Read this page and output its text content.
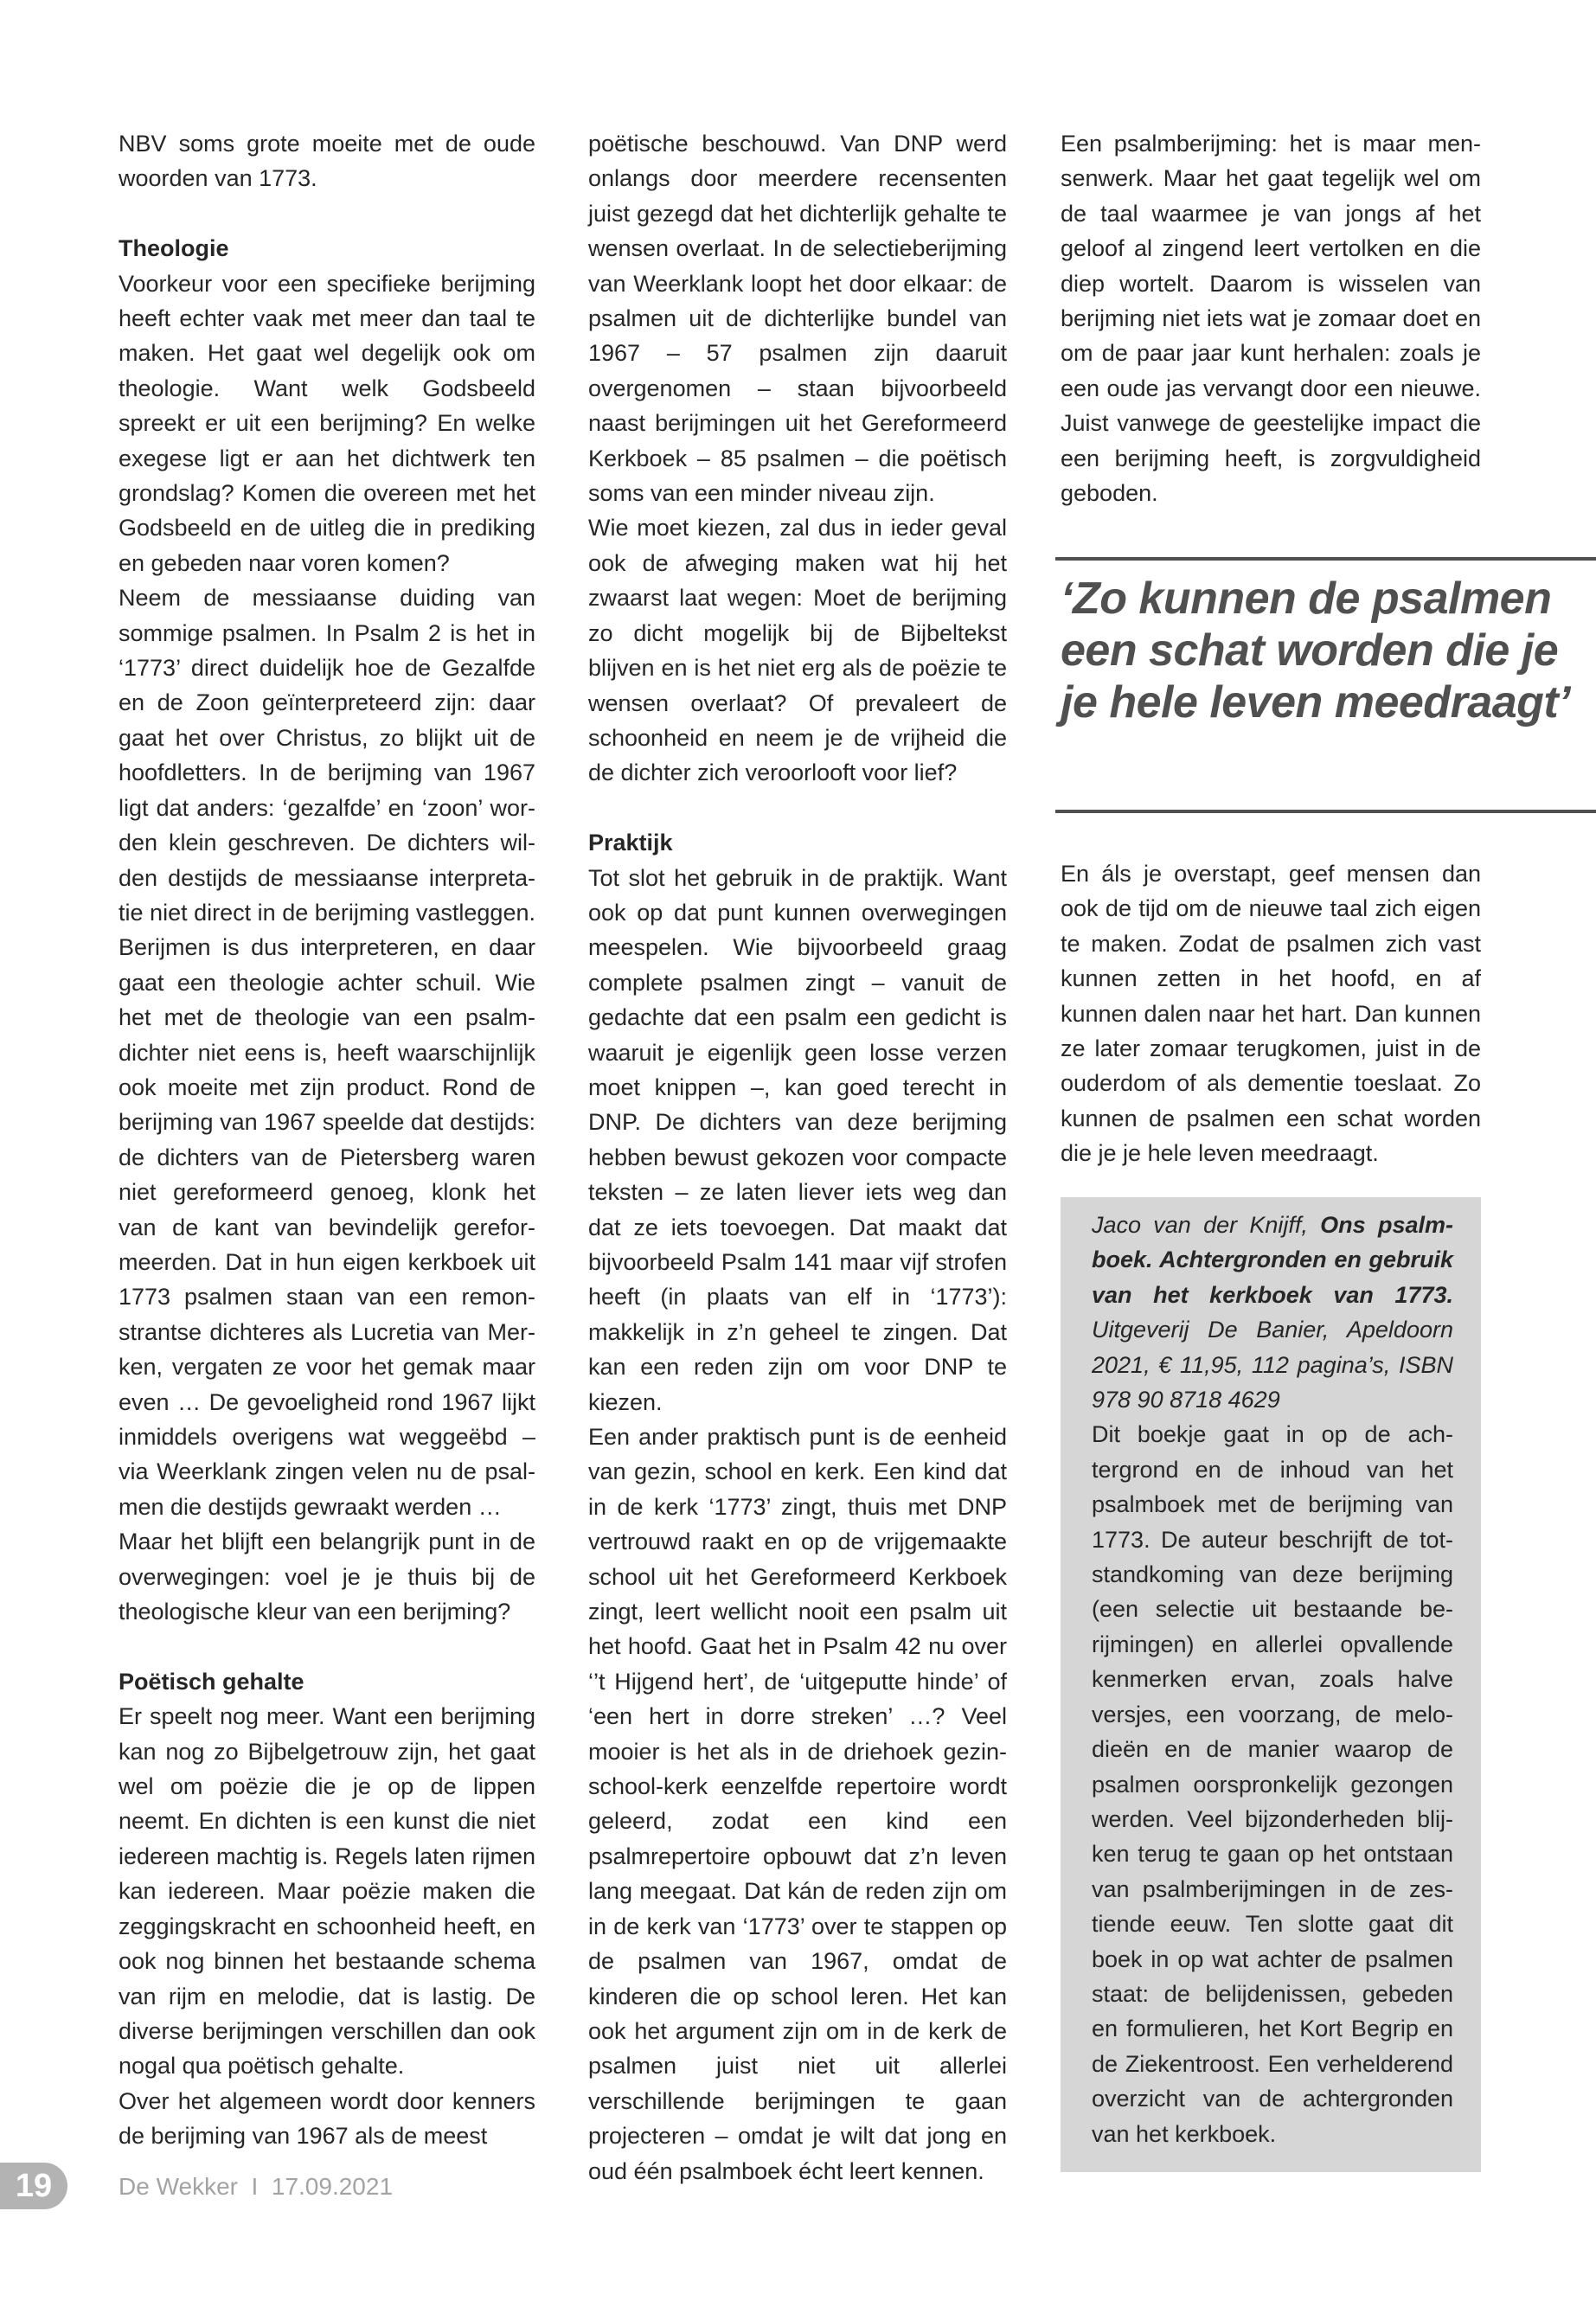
NBV soms grote moeite met de oude woorden van 1773.

Theologie

Voorkeur voor een specifieke berijming heeft echter vaak met meer dan taal te maken. Het gaat wel degelijk ook om theologie. Want welk Godsbeeld spreekt er uit een berijming? En welke exegese ligt er aan het dichtwerk ten grondslag? Komen die overeen met het Godsbeeld en de uitleg die in prediking en gebeden naar voren komen?

Neem de messiaanse duiding van sommige psalmen. In Psalm 2 is het in ‘1773’ direct duidelijk hoe de Gezalfde en de Zoon geïnterpreteerd zijn: daar gaat het over Christus, zo blijkt uit de hoofdletters. In de berijming van 1967 ligt dat anders: ‘gezalfde’ en ‘zoon’ worden klein geschreven. De dichters wilden destijds de messiaanse interpretatie niet direct in de berijming vastleggen. Berijmen is dus interpreteren, en daar gaat een theologie achter schuil. Wie het met de theologie van een psalmdichter niet eens is, heeft waarschijnlijk ook moeite met zijn product. Rond de berijming van 1967 speelde dat destijds: de dichters van de Pietersberg waren niet gereformeerd genoeg, klonk het van de kant van bevindelijk gereformeerden. Dat in hun eigen kerkboek uit 1773 psalmen staan van een remonstrantse dichteres als Lucretia van Merken, vergaten ze voor het gemak maar even … De gevoeligheid rond 1967 lijkt inmiddels overigens wat weggeëbd – via Weerklank zingen velen nu de psalmen die destijds gewraakt werden …

Maar het blijft een belangrijk punt in de overwegingen: voel je je thuis bij de theologische kleur van een berijming?

Poëtisch gehalte

Er speelt nog meer. Want een berijming kan nog zo Bijbelgetrouw zijn, het gaat wel om poëzie die je op de lippen neemt. En dichten is een kunst die niet iedereen machtig is. Regels laten rijmen kan iedereen. Maar poëzie maken die zeggingskracht en schoonheid heeft, en ook nog binnen het bestaande schema van rijm en melodie, dat is lastig. De diverse berijmingen verschillen dan ook nogal qua poëtisch gehalte.

Over het algemeen wordt door kenners de berijming van 1967 als de meest

poëtische beschouwd. Van DNP werd onlangs door meerdere recensenten juist gezegd dat het dichterlijk gehalte te wensen overlaat. In de selectieberijming van Weerklank loopt het door elkaar: de psalmen uit de dichterlijke bundel van 1967 – 57 psalmen zijn daaruit overgenomen – staan bijvoorbeeld naast berijmingen uit het Gereformeerd Kerkboek – 85 psalmen – die poëtisch soms van een minder niveau zijn.

Wie moet kiezen, zal dus in ieder geval ook de afweging maken wat hij het zwaarst laat wegen: Moet de berijming zo dicht mogelijk bij de Bijbeltekst blijven en is het niet erg als de poëzie te wensen overlaat? Of prevaleert de schoonheid en neem je de vrijheid die de dichter zich veroorlooft voor lief?

Praktijk

Tot slot het gebruik in de praktijk. Want ook op dat punt kunnen overwegingen meespelen. Wie bijvoorbeeld graag complete psalmen zingt – vanuit de gedachte dat een psalm een gedicht is waaruit je eigenlijk geen losse verzen moet knippen –, kan goed terecht in DNP. De dichters van deze berijming hebben bewust gekozen voor compacte teksten – ze laten liever iets weg dan dat ze iets toevoegen. Dat maakt dat bijvoorbeeld Psalm 141 maar vijf strofen heeft (in plaats van elf in ‘1773’): makkelijk in z’n geheel te zingen. Dat kan een reden zijn om voor DNP te kiezen.

Een ander praktisch punt is de eenheid van gezin, school en kerk. Een kind dat in de kerk ‘1773’ zingt, thuis met DNP vertrouwd raakt en op de vrijgemaakte school uit het Gereformeerd Kerkboek zingt, leert wellicht nooit een psalm uit het hoofd. Gaat het in Psalm 42 nu over ‘’t Hijgend hert’, de ‘uitgeputte hinde’ of ‘een hert in dorre streken’ …? Veel mooier is het als in de driehoek gezin-school-kerk eenzelfde repertoire wordt geleerd, zodat een kind een psalmrepertoire opbouwt dat z’n leven lang meegaat. Dat kán de reden zijn om in de kerk van ‘1773’ over te stappen op de psalmen van 1967, omdat de kinderen die op school leren. Het kan ook het argument zijn om in de kerk de psalmen juist niet uit allerlei verschillende berijmingen te gaan projecteren – omdat je wilt dat jong en oud één psalmboek écht leert kennen.

Een psalmberijming: het is maar mensenwerk. Maar het gaat tegelijk wel om de taal waarmee je van jongs af het geloof al zingend leert vertolken en die diep wortelt. Daarom is wisselen van berijming niet iets wat je zomaar doet en om de paar jaar kunt herhalen: zoals je een oude jas vervangt door een nieuwe. Juist vanwege de geestelijke impact die een berijming heeft, is zorgvuldigheid geboden.

‘Zo kunnen de psalmen een schat worden die je je hele leven meedraagt’

En áls je overstapt, geef mensen dan ook de tijd om de nieuwe taal zich eigen te maken. Zodat de psalmen zich vast kunnen zetten in het hoofd, en af kunnen dalen naar het hart. Dan kunnen ze later zomaar terugkomen, juist in de ouderdom of als dementie toeslaat. Zo kunnen de psalmen een schat worden die je je hele leven meedraagt.

Jaco van der Knijff, Ons psalmboek. Achtergronden en gebruik van het kerkboek van 1773. Uitgeverij De Banier, Apeldoorn 2021, € 11,95, 112 pagina’s, ISBN 978 90 8718 4629

Dit boekje gaat in op de achtergrond en de inhoud van het psalmboek met de berijming van 1773. De auteur beschrijft de totstandkoming van deze berijming (een selectie uit bestaande berijmingen) en allerlei opvallende kenmerken ervan, zoals halve versjes, een voorzang, de melodieën en de manier waarop de psalmen oorspronkelijk gezongen werden. Veel bijzonderheden blijken terug te gaan op het ontstaan van psalmberijmingen in de zestiende eeuw. Ten slotte gaat dit boek in op wat achter de psalmen staat: de belijdenissen, gebeden en formulieren, het Kort Begrip en de Ziekentroost. Een verhelderend overzicht van de achtergronden van het kerkboek.

19	De Wekker I 17.09.2021
